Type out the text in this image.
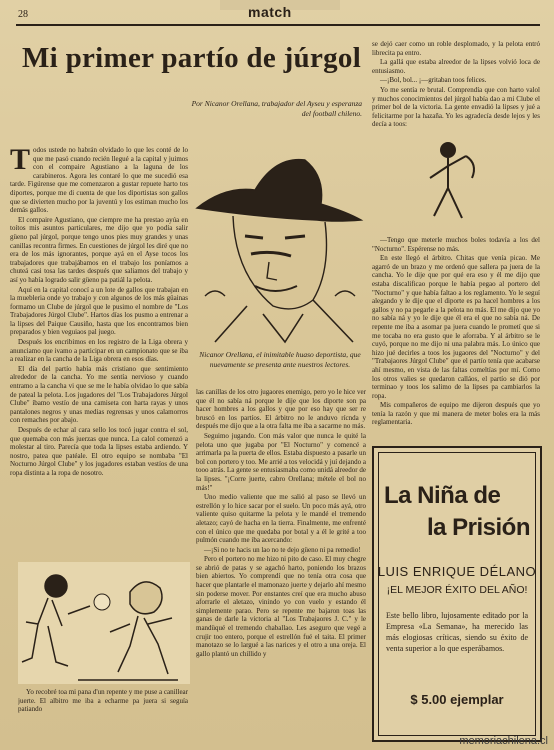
28	match
Mi primer partío de júrgol
Por Nicanor Orellana, trabajador del Ayseu y esperanza del football chileno.
T odos ustede no habrán olvidado lo que les conté de lo que me pasó cuando recién llegué a la capital y juimos con el compaire Agustiano a la laguna de los carabineros. Agora les contaré lo que me sucedió esa tarde. Figúrense que me comenzaron a gustar repuete harto tos diportes, porque me di cuenta de que los diportistas son gallos que se divierten mucho por la juventú y los estiman mucho los demás gallos.

El compaire Agustiano, que ciempre me ha prestao ayúa en toítos mis asuntos particulares, me dijo que yo podía salir güeno pal júrgol, porque tengo unos pies muy grandes y unas canillas recontra firmes. En cuestiones de júrgol les diré que no era de los más ignorantes, porque ayá en el Ayse tocos los trabajadores que trabajábamos en el trabajo los poníamos a chuteá casi tosa las tardes después que saliamos del trabajo y así yo había logrado salir güeno pa patiál la pelota.

Aquí en la capital conocí a un lote de gallos que trabajan en la muebleria onde yo trabajo y con algunos de los más güainas formamo un Clube de júrgol que le pusimo el nombre de "Los Trabajadores Júrgol Clube". Hartos días los pusmo a entrenar a la lipses del Paique Causiño, hasta que los encontramos bien preparados y bien veguiaos pal juego.

Después los encribimos en los registro de la Liga obrera y anunciamo que ivamo a participar en un campionato que se iba a realizar en la cancha de la Liga obrera en esos días.

El día del partío había más cristiano que sentimiento alrededor de la cancha. Yo me sentía nervioso y cuando entramo a la cancha vi que se me le había olvidao lo que sabía de pateal la pelota. Los jugadores del "Los Trabajadores Júrgol Clube" íbamo vestío de una camiseta con harta rayas y unos pantalones negros y unas medias regrensas y unos calamorros con remaches por abajo.

Después de echar al cara sello los tocó jugar contra el sol, que quemaba con más juerzas que nunca. La calol comenzó a molestar al tiro. Parecía que toda la lipses estaba ardiendo. Y nostro, patea que patéale. El otro equipo se nombaba "El Nocturno Júrgol Clube" y los jugadores estaban vestíos de una ropa distinta a la ropa de nosotro.

Yo recobré toa mi pana d'un repente y me puse a canillear juerte. El albitro me iba a echarme pa juera si seguía patiando

Nicanor Orellana, el inimitable huaso deportista, que nuevamente se presenta ante nuestros lectores.

las canillas de los otro jugaores enemigo, pero yo le hice ver que él no sabía ná porque le dije que los diporte son pa hacer hombres a los gallos y que por eso hay que ser re bruscó en los partíos. El árbitro no le anduvo rícnda y después me dijo que a la otra falta me iba a sacarme no más.

Seguimo jugando. Con más valor que nunca le quité la pelota uno que jugaba por "El Nocturno" y comencé a arrimarla pa la puerta de ellos. Estaba dispuesto a pasarle un bol con portero y too. Me arrié a tos velocidá y juí dejando a tooo atrás. La gente se entusiasmaba como unidá alreedor de la lipses. "¡Corre juerte, cabro Orellana; métele el bol no más!"

Uno medio valiente que me salió al paso se llevó un estrellón y lo hice sacar por el suelo. Un poco más ayá, otro valiente quiso quitarme la pelota y le mandé el tremendo aletazo; cayó de hacha en la tierra. Finalmente, me enfrenté con el único que me quedaba por botal y a él le grité a too pulmón cuando me iba acercando:

—¡Si no te hacis un lao no te dejo güeno ni pa remedio!

Pero el portero no me hizo ni pito de caso. El muy chegre se abrió de patas y se agachó harto, poniendo los brazos bien abiertos. Yo comprendí que no tenía otra cosa que hacer que plantarle el mamonazo juerte y dejarlo ahí mesmo sin poderse mover. Por enstantes creí que era mucho abuso aforrarle el aletazo, vinindo yo con vuelo y estando él simplemente parao. Pero se repente me bajaron toas las ganas de darle la victoria al "Los Trabajaores J. C." y le mandüqué el tremendo chaballao. Les aseguro que vegé a crujir too entero, porque el estrellón fué el taita. El primer manotazo se lo largué a las narices y el otro a una oreja. El gallo plantó un chillido y

se dejó caer como un roble desplomado, y la pelota entró librecita pa entro.

La gallá que estaba alreedor de la lipses volvió loca de entusiasmo.

—¡Bol, bol... ¡—gritaban toos felices.

Yo me sentía re brutal. Comprendía que con harto valol y muchos conocimientos del júrgol había dao a mi Clube el primer bol de la victoria. La gente envadió la lipses y jué a felicitarme por la hazaña. Yo les agradecía desde lejos y les decía a toos:

—Tengo que meterle muchos boles todavía a los del "Nocturno". Espérense no más.

En este llegó el árbitro. Chitas que venía picao. Me agarró de un brazo y me ordenó que sallera pa juera de la cancha. Yo le dije que por qué era eso y él me dijo que estaba discalificao porque le había pegao al portero del "Nocturno" y que había faltao a los reglamento. Yo le seguí alegando y le dije que el diporte es pa hacel hombres a los gallos y no pa pegarle a la pelota no más. El me dijo que yo no sabía ná y yo le dije que él era el que no sabía ná. De repente me iba a asomar pa juera cuando le prometí que si me tocaba no era gusto que le aforraba. Y al árbitro se le cuyó, porque no me dijo ni una palabra más. Lo único que hizo jué decirles a toos los jugaores del "Nocturno" y del "Trabajaores Júrgol Clube" que el partío tenía que acabarse ahí mesmo, en vista de las faltas comeltías por mí. Como los otros valies se quedaron calláos, el partío se dió por terminao y toos los salimo de la lipses pa cambiarlos la ropa.

Mis compañeros de equipo me dijeron después que yo tenía la razón y que mi manera de meter boles era la más reglamentaria.

La Niña de
la Prisión
LUIS ENRIQUE DÉLANO
¡EL MEJOR ÉXITO DEL AÑO!
Este bello libro, lujosamente editado por la Empresa «La Semana», ha merecido las más elogiosas críticas, siendo su éxito de venta superior a lo que esperábamos.
$ 5.00 ejemplar
memoriachilena.cl
